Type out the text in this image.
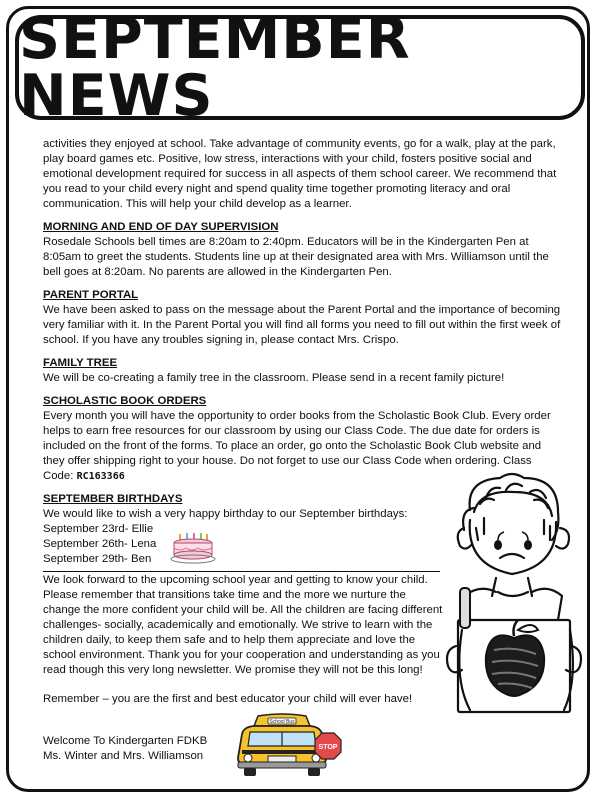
SEPTEMBER NEWS

activities they enjoyed at school. Take advantage of community events, go for a walk, play at the park, play board games etc. Positive, low stress, interactions with your child, fosters positive social and emotional development required for success in all aspects of them school career. We recommend that you read to your child every night and spend quality time together promoting literacy and oral communication. This will help your child develop as a learner.

MORNING AND END OF DAY SUPERVISION

Rosedale Schools bell times are 8:20am to 2:40pm. Educators will be in the Kindergarten Pen at 8:05am to greet the students. Students line up at their designated area with Mrs. Williamson until the bell goes at 8:20am. No parents are allowed in the Kindergarten Pen.

PARENT PORTAL

We have been asked to pass on the message about the Parent Portal and the importance of becoming very familiar with it. In the Parent Portal you will find all forms you need to fill out within the first week of school. If you have any troubles signing in, please contact Mrs. Crispo.

FAMILY TREE

We will be co-creating a family tree in the classroom. Please send in a recent family picture!

SCHOLASTIC BOOK ORDERS

Every month you will have the opportunity to order books from the Scholastic Book Club. Every order helps to earn free resources for our classroom by using our Class Code. The due date for orders is included on the front of the forms. To place an order, go onto the Scholastic Book Club website and they offer shipping right to your house. Do not forget to use our Class Code when ordering. Class Code: RC163366

SEPTEMBER BIRTHDAYS

We would like to wish a very happy birthday to our September birthdays:

September 23rd- Ellie
September 26th- Lena
September 29th- Ben

We look forward to the upcoming school year and getting to know your child. Please remember that transitions take time and the more we nurture the change the more confident your child will be. All the children are facing different challenges- socially, academically and emotionally. We strive to learn with the children daily, to keep them safe and to help them appreciate and love the school environment. Thank you for your cooperation and understanding as you read though this very long newsletter. We promise they will not be this long!

Remember – you are the first and best educator your child will ever have!

Welcome To Kindergarten FDKB
Ms. Winter and Mrs. Williamson
School Bus
STOP
